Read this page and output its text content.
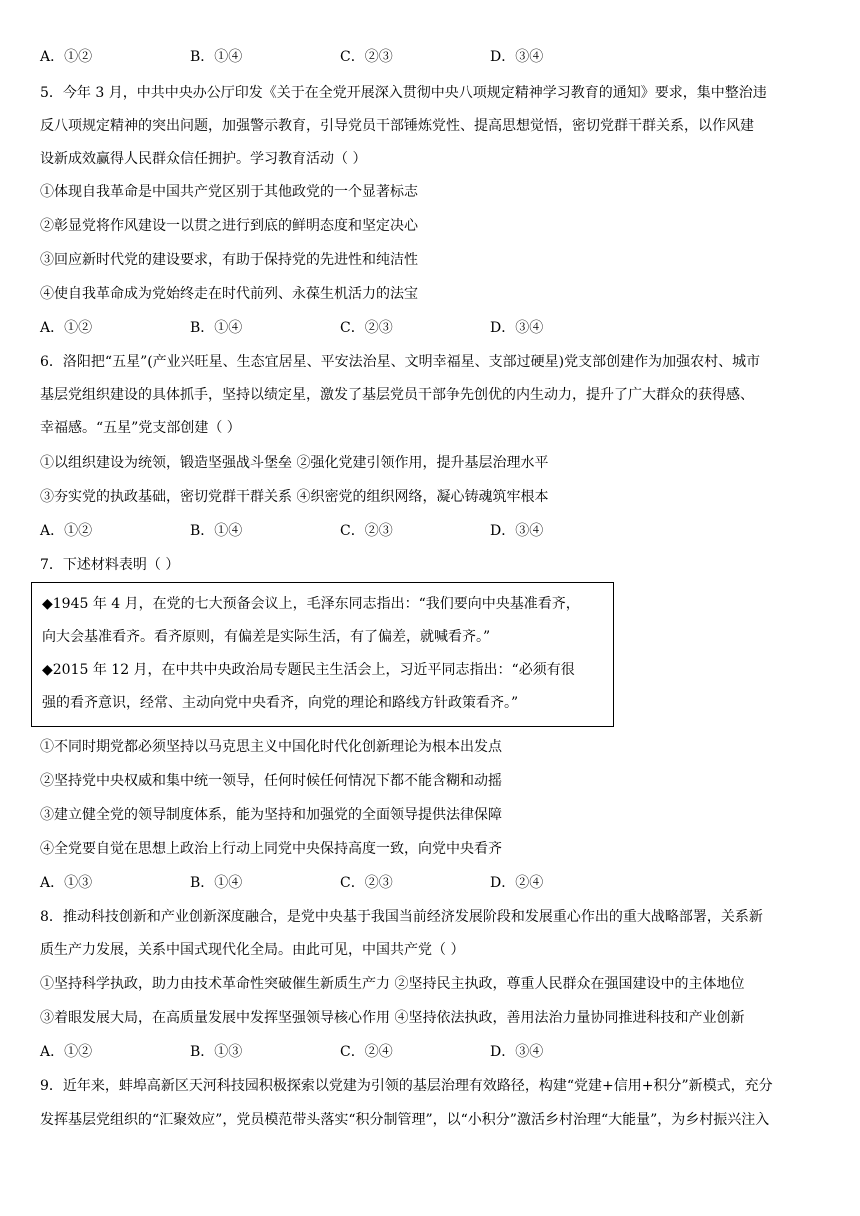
A．①②	B．①④	C．②③	D．③④
5．今年 3 月，中共中央办公厅印发《关于在全党开展深入贯彻中央八项规定精神学习教育的通知》要求，集中整治违
反八项规定精神的突出问题，加强警示教育，引导党员干部锤炼党性、提高思想觉悟，密切党群干群关系，以作风建
设新成效赢得人民群众信任拥护。学习教育活动（ ）
①体现自我革命是中国共产党区别于其他政党的一个显著标志
②彰显党将作风建设一以贯之进行到底的鲜明态度和坚定决心
③回应新时代党的建设要求，有助于保持党的先进性和纯洁性
④使自我革命成为党始终走在时代前列、永葆生机活力的法宝
A．①②	B．①④	C．②③	D．③④
6．洛阳把“五星”(产业兴旺星、生态宜居星、平安法治星、文明幸福星、支部过硬星)党支部创建作为加强农村、城市
基层党组织建设的具体抓手，坚持以绩定星，激发了基层党员干部争先创优的内生动力，提升了广大群众的获得感、
幸福感。“五星”党支部创建（ ）
①以组织建设为统领，锻造坚强战斗堡垒 ②强化党建引领作用，提升基层治理水平
③夯实党的执政基础，密切党群干群关系 ④织密党的组织网络，凝心铸魂筑牢根本
A．①②	B．①④	C．②③	D．③④
7．下述材料表明（ ）
◆1945 年 4 月，在党的七大预备会议上，毛泽东同志指出：“我们要向中央基准看齐，
向大会基准看齐。看齐原则，有偏差是实际生活，有了偏差，就喊看齐。”
◆2015 年 12 月，在中共中央政治局专题民主生活会上，习近平同志指出：“必须有很
强的看齐意识，经常、主动向党中央看齐，向党的理论和路线方针政策看齐。”
①不同时期党都必须坚持以马克思主义中国化时代化创新理论为根本出发点
②坚持党中央权威和集中统一领导，任何时候任何情况下都不能含糊和动摇
③建立健全党的领导制度体系，能为坚持和加强党的全面领导提供法律保障
④全党要自觉在思想上政治上行动上同党中央保持高度一致，向党中央看齐
A．①③	B．①④	C．②③	D．②④
8．推动科技创新和产业创新深度融合，是党中央基于我国当前经济发展阶段和发展重心作出的重大战略部署，关系新
质生产力发展，关系中国式现代化全局。由此可见，中国共产党（ ）
①坚持科学执政，助力由技术革命性突破催生新质生产力 ②坚持民主执政，尊重人民群众在强国建设中的主体地位
③着眼发展大局，在高质量发展中发挥坚强领导核心作用 ④坚持依法执政，善用法治力量协同推进科技和产业创新
A．①②	B．①③	C．②④	D．③④
9．近年来，蚌埠高新区天河科技园积极探索以党建为引领的基层治理有效路径，构建“党建+信用+积分”新模式，充分
发挥基层党组织的“汇聚效应”，党员模范带头落实“积分制管理”，以“小积分”激活乡村治理“大能量”，为乡村振兴注入
